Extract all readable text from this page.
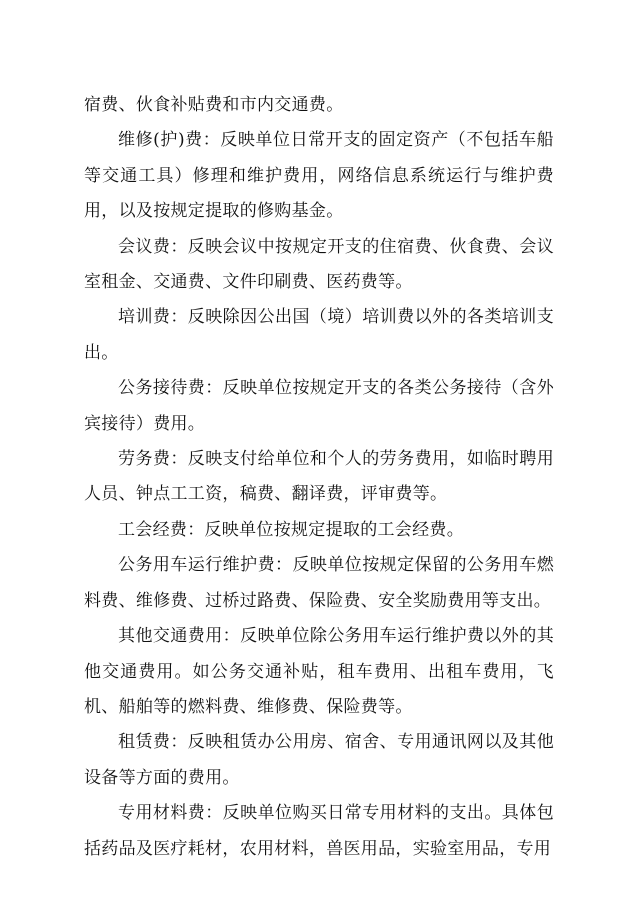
宿费、伙食补贴费和市内交通费。

维修(护)费：反映单位日常开支的固定资产（不包括车船等交通工具）修理和维护费用，网络信息系统运行与维护费用，以及按规定提取的修购基金。

会议费：反映会议中按规定开支的住宿费、伙食费、会议室租金、交通费、文件印刷费、医药费等。

培训费：反映除因公出国（境）培训费以外的各类培训支出。

公务接待费：反映单位按规定开支的各类公务接待（含外宾接待）费用。

劳务费：反映支付给单位和个人的劳务费用，如临时聘用人员、钟点工工资，稿费、翻译费，评审费等。

工会经费：反映单位按规定提取的工会经费。

公务用车运行维护费：反映单位按规定保留的公务用车燃料费、维修费、过桥过路费、保险费、安全奖励费用等支出。

其他交通费用：反映单位除公务用车运行维护费以外的其他交通费用。如公务交通补贴，租车费用、出租车费用，飞机、船舶等的燃料费、维修费、保险费等。

租赁费：反映租赁办公用房、宿舍、专用通讯网以及其他设备等方面的费用。

专用材料费：反映单位购买日常专用材料的支出。具体包括药品及医疗耗材，农用材料，兽医用品，实验室用品，专用
